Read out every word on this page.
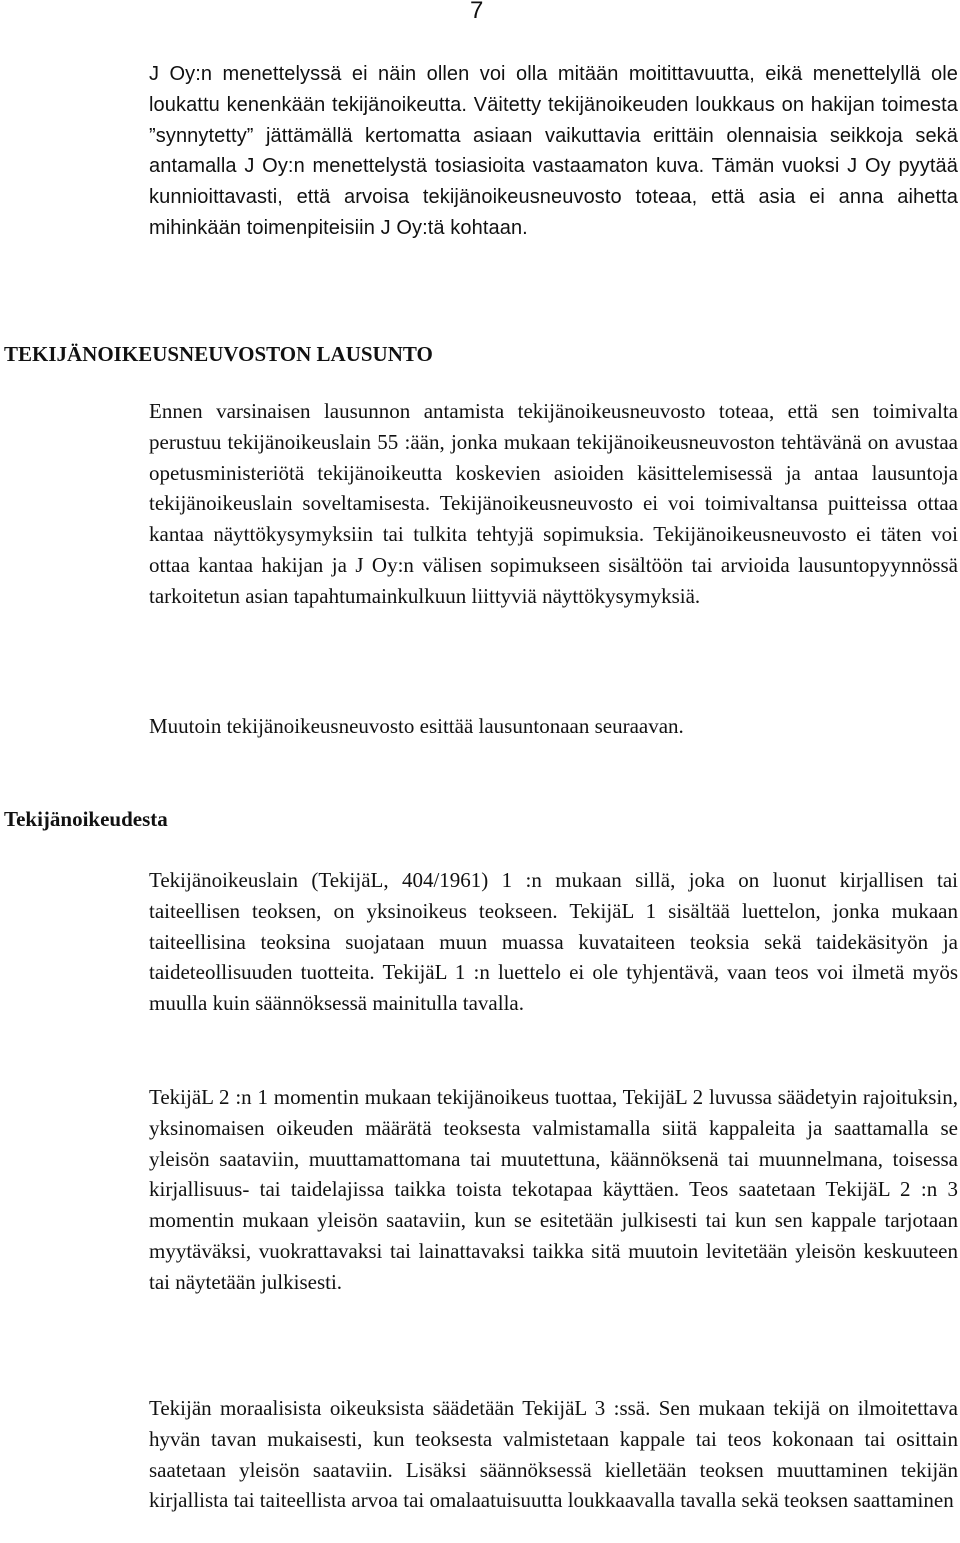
7

J Oy:n menettelyssä ei näin ollen voi olla mitään moitittavuutta, eikä menettelyllä ole loukattu kenenkään tekijänoikeutta. Väitetty tekijänoikeuden loukkaus on hakijan toimesta ”synnytetty” jättämällä kertomatta asiaan vaikuttavia erittäin olennaisia seikkoja sekä antamalla J Oy:n menettelystä tosiasioita vastaamaton kuva. Tämän vuoksi J Oy pyytää kunnioittavasti, että arvoisa tekijänoikeusneuvosto toteaa, että asia ei anna aihetta mihinkään toimenpiteisiin J Oy:tä kohtaan.

TEKIJÄNOIKEUSNEUVOSTON LAUSUNTO

Ennen varsinaisen lausunnon antamista tekijänoikeusneuvosto toteaa, että sen toimivalta perustuu tekijänoikeuslain 55 :ään, jonka mukaan tekijänoikeusneuvoston tehtävänä on avustaa opetusministeriötä tekijänoikeutta koskevien asioiden käsittelemisessä ja antaa lausuntoja tekijänoikeuslain soveltamisesta. Tekijänoikeusneuvosto ei voi toimivaltansa puitteissa ottaa kantaa näyttökysymyksiin tai tulkita tehtyjä sopimuksia. Tekijänoikeusneuvosto ei täten voi ottaa kantaa hakijan ja J Oy:n välisen sopimukseen sisältöön tai arvioida lausuntopyynnössä tarkoitetun asian tapahtumainkulkuun liittyviä näyttökysymyksiä.

Muutoin tekijänoikeusneuvosto esittää lausuntonaan seuraavan.

Tekijänoikeudesta

Tekijänoikeuslain (TekijäL, 404/1961) 1 :n mukaan sillä, joka on luonut kirjallisen tai taiteellisen teoksen, on yksinoikeus teokseen. TekijäL 1 sisältää luettelon, jonka mukaan taiteellisina teoksina suojataan muun muassa kuvataiteen teoksia sekä taidekäsityön ja taideteollisuuden tuotteita. TekijäL 1 :n luettelo ei ole tyhjentävä, vaan teos voi ilmetä myös muulla kuin säännöksessä mainitulla tavalla.

TekijäL 2 :n 1 momentin mukaan tekijänoikeus tuottaa, TekijäL 2 luvussa säädetyin rajoituksin, yksinomaisen oikeuden määrätä teoksesta valmistamalla siitä kappaleita ja saattamalla se yleisön saataviin, muuttamattomana tai muutettuna, käännöksenä tai muunnelmana, toisessa kirjallisuus- tai taidelajissa taikka toista tekotapaa käyttäen. Teos saatetaan TekijäL 2 :n 3 momentin mukaan yleisön saataviin, kun se esitetään julkisesti tai kun sen kappale tarjotaan myytäväksi, vuokrattavaksi tai lainattavaksi taikka sitä muutoin levitetään yleisön keskuuteen tai näytetään julkisesti.

Tekijän moraalisista oikeuksista säädetään TekijäL 3 :ssä. Sen mukaan tekijä on ilmoitettava hyvän tavan mukaisesti, kun teoksesta valmistetaan kappale tai teos kokonaan tai osittain saatetaan yleisön saataviin. Lisäksi säännöksessä kielletään teoksen muuttaminen tekijän kirjallista tai taiteellista arvoa tai omalaatuisuutta loukkaavalla tavalla sekä teoksen saattaminen
